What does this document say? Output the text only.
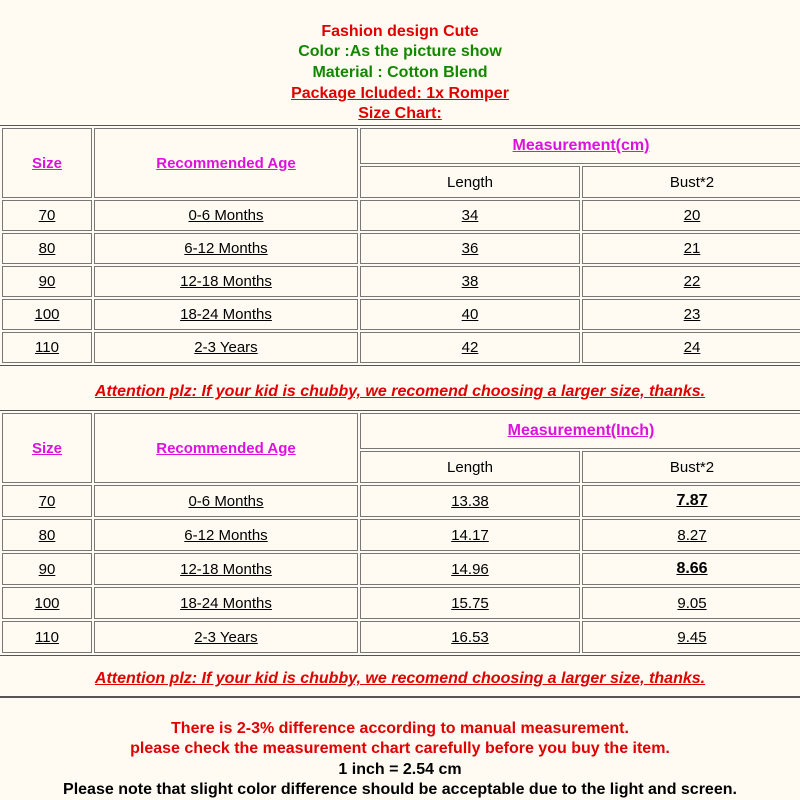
Fashion design Cute
Color :As the picture show
Material : Cotton Blend
Package Icluded: 1x Romper
Size Chart:
Size	Recommended Age	Measurement(cm)	
		Length	Bust*2
70	0-6 Months	34	20
80	6-12 Months	36	21
90	12-18 Months	38	22
100	18-24 Months	40	23
110	2-3 Years	42	24
Attention plz: If your kid is chubby, we recomend choosing a larger size, thanks.
Size	Recommended Age	Measurement(Inch)	
		Length	Bust*2
70	0-6 Months	13.38	7.87
80	6-12 Months	14.17	8.27
90	12-18 Months	14.96	8.66
100	18-24 Months	15.75	9.05
110	2-3 Years	16.53	9.45
Attention plz: If your kid is chubby, we recomend choosing a larger size, thanks.
There is 2-3% difference according to manual measurement.
please check the measurement chart carefully before you buy the item.
1 inch = 2.54 cm
Please note that slight color difference should be acceptable due to the light and screen.
